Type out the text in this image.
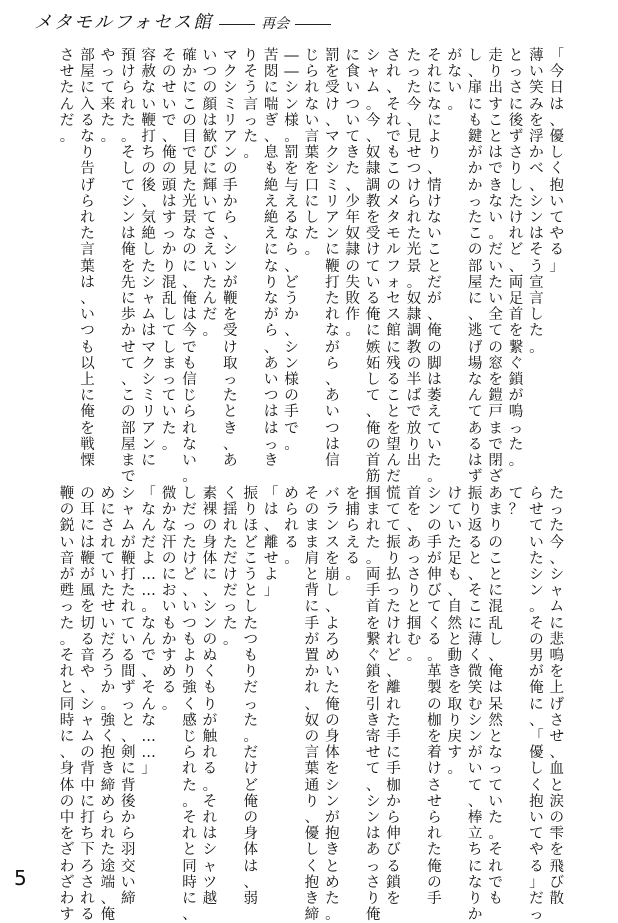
メタモルフォセス館	再会
「今日は、優しく抱いてやる」
薄い笑みを浮かべ、シンはそう宣言した。
とっさに後ずさりしたけれど、両足首を繋ぐ鎖が鳴った。
走り出すことはできない。だいたい全ての窓を鎧戸まで閉ざ
し、扉にも鍵がかかったこの部屋に、逃げ場なんてあるはず
がない。
それになにより、情けないことだが、俺の脚は萎えていた。
たった今、見せつけられた光景。奴隷調教の半ばで放り出
され、それでもこのメタモルフォセス館に残ることを望んだ
シャム。今、奴隷調教を受けている俺に嫉妬して、俺の首筋
に食いついてきた、少年奴隷の失敗作。
罰を受け、マクシミリアンに鞭打たれながら、あいつは信
じられない言葉を口にした。
――シン様。罰を与えるなら、どうか、シン様の手で。
苦悶に喘ぎ、息も絶え絶えになりながら、あいつははっき
りそう言った。
マクシミリアンの手から、シンが鞭を受け取ったとき、あ
いつの顔は歓びに輝いてさえいたんだ。
確かにこの目で見た光景なのに、俺は今でも信じられない。
そのせいで、俺の頭はすっかり混乱してしまっていた。
容赦ない鞭打ちの後、気絶したシャムはマクシミリアンに
預けられた。そしてシンは俺を先に歩かせて、この部屋まで
やって来た。
部屋に入るなり告げられた言葉は、いつも以上に俺を戦慄
させたんだ。
たった今、シャムに悲鳴を上げさせ、血と涙の雫を飛び散
らせていたシン。その男が俺に、「優しく抱いてやる」だっ
て？
あまりのことに混乱し、俺は呆然となっていた。それでも
振り返ると、そこに薄く微笑むシンがいて、棒立ちになりか
けていた足も、自然と動きを取り戻す。
シンの手が伸びてくる。革製の枷を着けさせられた俺の手
首を、あっさりと掴む。
慌てて振り払ったけれど、離れた手に手枷から伸びる鎖を
掴まれた。両手首を繋ぐ鎖を引き寄せて、シンはあっさり俺
を捕らえる。
バランスを崩し、よろめいた俺の身体をシンが抱きとめた。
そのまま肩と背に手が置かれ、奴の言葉通り、優しく抱き締
められる。
「は、離せよ」
振りほどこうとしたつもりだった。だけど俺の身体は、弱
く揺れただけだった。
素裸の身体に、シンのぬくもりが触れる。それはシャツ越
しだったけど、いつもより強く感じられた。それと同時に、
微かな汗のにおいもかすめる。
「なんだよ……。なんで、そんな……」
シャムが鞭打たれている間ずっと、剣に背後から羽交い締
めにされていたせいだろうか。強く抱き締められた途端、俺
の耳には鞭が風を切る音や、シャムの背中に打ち下ろされる
鞭の鋭い音が甦った。それと同時に、身体の中をざわざわす
5
